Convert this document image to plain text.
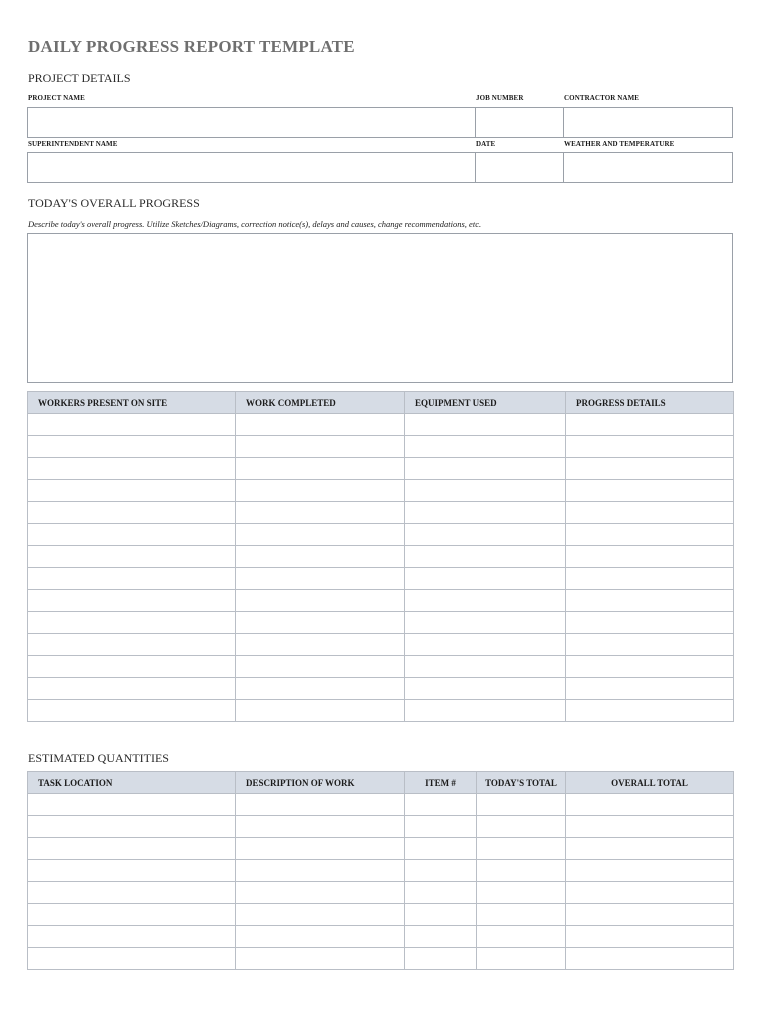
DAILY PROGRESS REPORT TEMPLATE
PROJECT DETAILS
PROJECT NAME	JOB NUMBER	CONTRACTOR NAME
SUPERINTENDENT NAME	DATE	WEATHER AND TEMPERATURE
TODAY'S OVERALL PROGRESS
Describe today's overall progress. Utilize Sketches/Diagrams, correction notice(s), delays and causes, change recommendations, etc.
WORKERS PRESENT ON SITE	WORK COMPLETED	EQUIPMENT USED	PROGRESS DETAILS

ESTIMATED QUANTITIES
TASK LOCATION	DESCRIPTION OF WORK	ITEM #	TODAY'S TOTAL	OVERALL TOTAL
